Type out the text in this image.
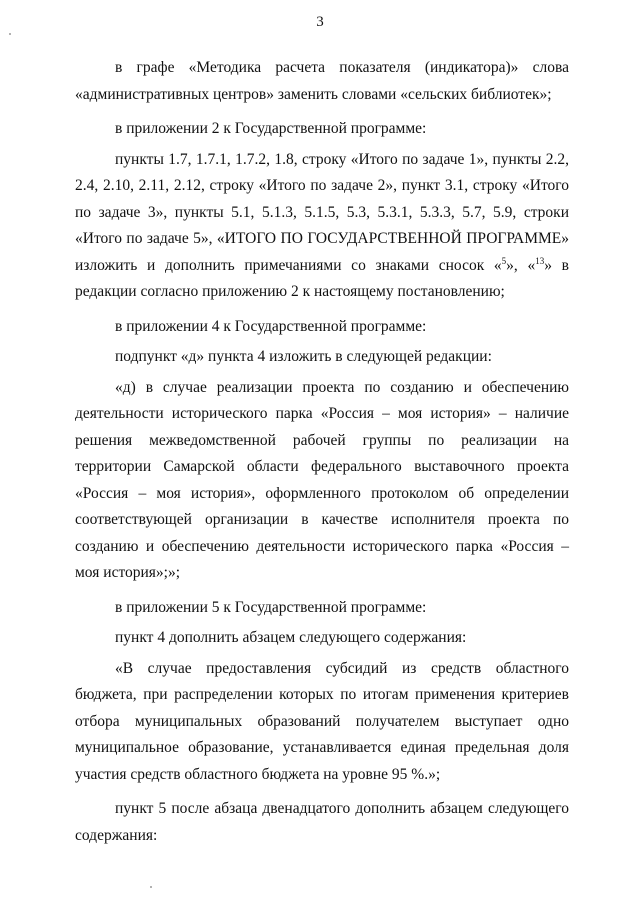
3

в графе «Методика расчета показателя (индикатора)» слова «административных центров» заменить словами «сельских библиотек»;

в приложении 2 к Государственной программе:

пункты 1.7, 1.7.1, 1.7.2, 1.8, строку «Итого по задаче 1», пункты 2.2, 2.4, 2.10, 2.11, 2.12, строку «Итого по задаче 2», пункт 3.1, строку «Итого по задаче 3», пункты 5.1, 5.1.3, 5.1.5, 5.3, 5.3.1, 5.3.3, 5.7, 5.9, строки «Итого по задаче 5», «ИТОГО ПО ГОСУДАРСТВЕННОЙ ПРОГРАММЕ» изложить и дополнить примечаниями со знаками сносок «$^5$», «$^{13}$» в редакции согласно приложению 2 к настоящему постановлению;

в приложении 4 к Государственной программе:

подпункт «д» пункта 4 изложить в следующей редакции:

«д) в случае реализации проекта по созданию и обеспечению деятельности исторического парка «Россия – моя история» – наличие решения межведомственной рабочей группы по реализации на территории Самарской области федерального выставочного проекта «Россия – моя история», оформленного протоколом об определении соответствующей организации в качестве исполнителя проекта по созданию и обеспечению деятельности исторического парка «Россия – моя история»;»;

в приложении 5 к Государственной программе:

пункт 4 дополнить абзацем следующего содержания:

«В случае предоставления субсидий из средств областного бюджета, при распределении которых по итогам применения критериев отбора муниципальных образований получателем выступает одно муниципальное образование, устанавливается единая предельная доля участия средств областного бюджета на уровне 95 %.»;

пункт 5 после абзаца двенадцатого дополнить абзацем следующего содержания:
